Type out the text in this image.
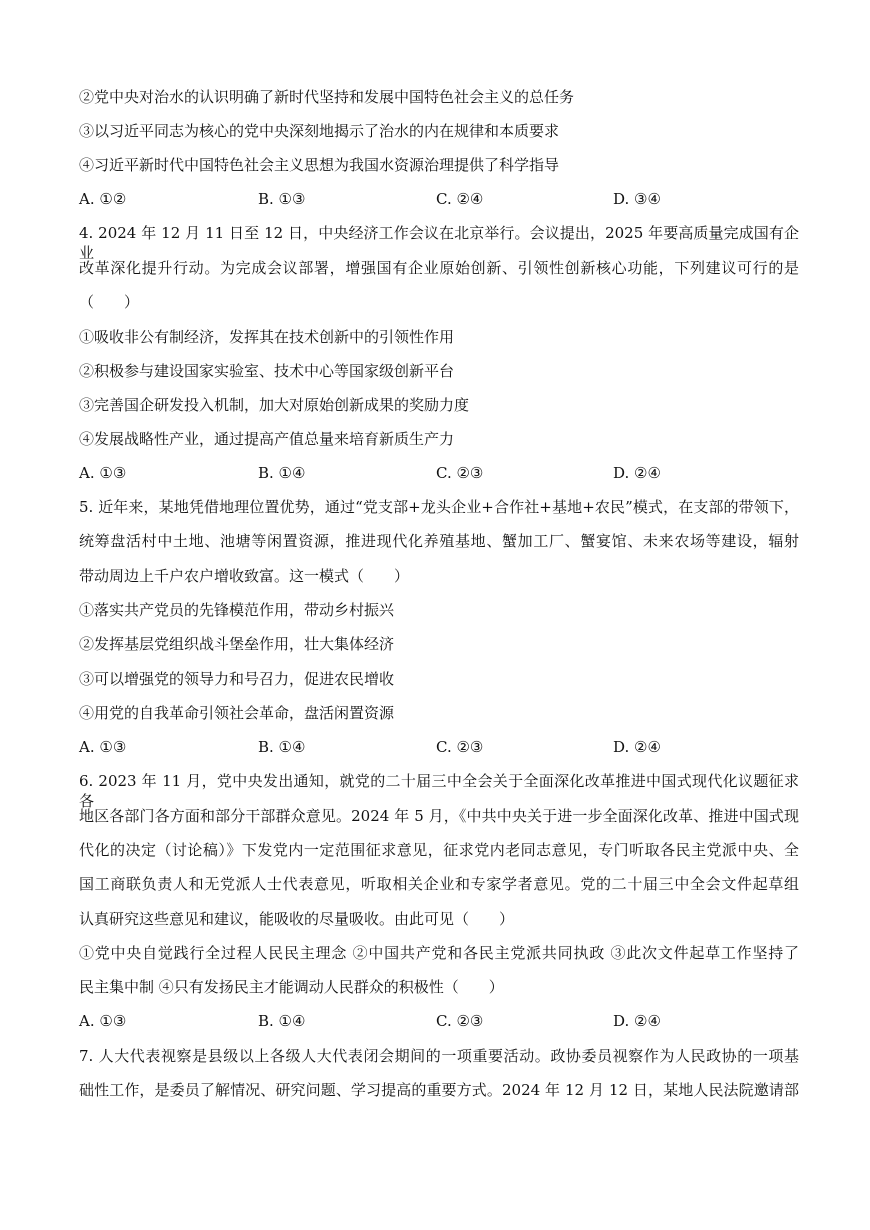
②党中央对治水的认识明确了新时代坚持和发展中国特色社会主义的总任务
③以习近平同志为核心的党中央深刻地揭示了治水的内在规律和本质要求
④习近平新时代中国特色社会主义思想为我国水资源治理提供了科学指导
A. ①②	B. ①③	C. ②④	D. ③④
4. 2024 年 12 月 11 日至 12 日，中央经济工作会议在北京举行。会议提出，2025 年要高质量完成国有企业
改革深化提升行动。为完成会议部署，增强国有企业原始创新、引领性创新核心功能，下列建议可行的是
（　　）
①吸收非公有制经济，发挥其在技术创新中的引领性作用
②积极参与建设国家实验室、技术中心等国家级创新平台
③完善国企研发投入机制，加大对原始创新成果的奖励力度
④发展战略性产业，通过提高产值总量来培育新质生产力
A. ①③	B. ①④	C. ②③	D. ②④
5. 近年来，某地凭借地理位置优势，通过“党支部+龙头企业+合作社+基地+农民”模式，在支部的带领下，
统筹盘活村中土地、池塘等闲置资源，推进现代化养殖基地、蟹加工厂、蟹宴馆、未来农场等建设，辐射
带动周边上千户农户增收致富。这一模式（　　）
①落实共产党员的先锋模范作用，带动乡村振兴
②发挥基层党组织战斗堡垒作用，壮大集体经济
③可以增强党的领导力和号召力，促进农民增收
④用党的自我革命引领社会革命，盘活闲置资源
A. ①③	B. ①④	C. ②③	D. ②④
6. 2023 年 11 月，党中央发出通知，就党的二十届三中全会关于全面深化改革推进中国式现代化议题征求各
地区各部门各方面和部分干部群众意见。2024 年 5 月，《中共中央关于进一步全面深化改革、推进中国式现
代化的决定（讨论稿）》下发党内一定范围征求意见，征求党内老同志意见，专门听取各民主党派中央、全
国工商联负责人和无党派人士代表意见，听取相关企业和专家学者意见。党的二十届三中全会文件起草组
认真研究这些意见和建议，能吸收的尽量吸收。由此可见（　　）
①党中央自觉践行全过程人民民主理念 ②中国共产党和各民主党派共同执政 ③此次文件起草工作坚持了
民主集中制 ④只有发扬民主才能调动人民群众的积极性（　　）
A. ①③	B. ①④	C. ②③	D. ②④
7. 人大代表视察是县级以上各级人大代表闭会期间的一项重要活动。政协委员视察作为人民政协的一项基
础性工作，是委员了解情况、研究问题、学习提高的重要方式。2024 年 12 月 12 日，某地人民法院邀请部
